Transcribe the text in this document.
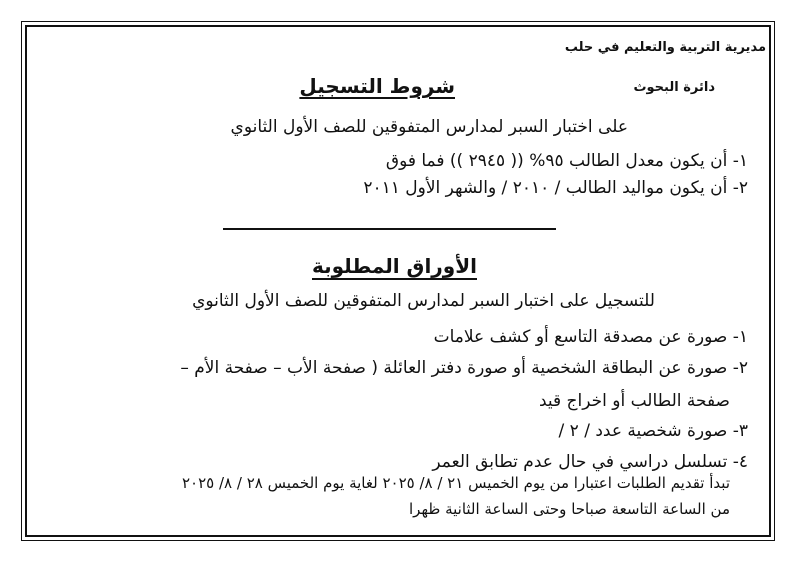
مديرية التربية والتعليم في حلب

دائرة البحوث

شروط التسجيل

على اختبار السبر لمدارس المتفوقين للصف الأول الثانوي

١- أن يكون معدل الطالب ٩٥% (( ٢٩٤٥ )) فما فوق

٢- أن يكون مواليد الطالب / ٢٠١٠ / والشهر الأول ٢٠١١

الأوراق المطلوبة

للتسجيل على اختبار السبر لمدارس المتفوقين للصف الأول الثانوي

١- صورة عن مصدقة التاسع أو كشف علامات

٢- صورة عن البطاقة الشخصية أو صورة دفتر العائلة ( صفحة الأب – صفحة الأم –

صفحة الطالب أو اخراج قيد

٣- صورة شخصية عدد / ٢ /

٤- تسلسل دراسي في حال عدم تطابق العمر

تبدأ تقديم الطلبات اعتبارا من يوم الخميس ٢١ / ٨/ ٢٠٢٥ لغاية يوم الخميس ٢٨ / ٨/ ٢٠٢٥

من الساعة التاسعة صباحا وحتى الساعة الثانية ظهرا
